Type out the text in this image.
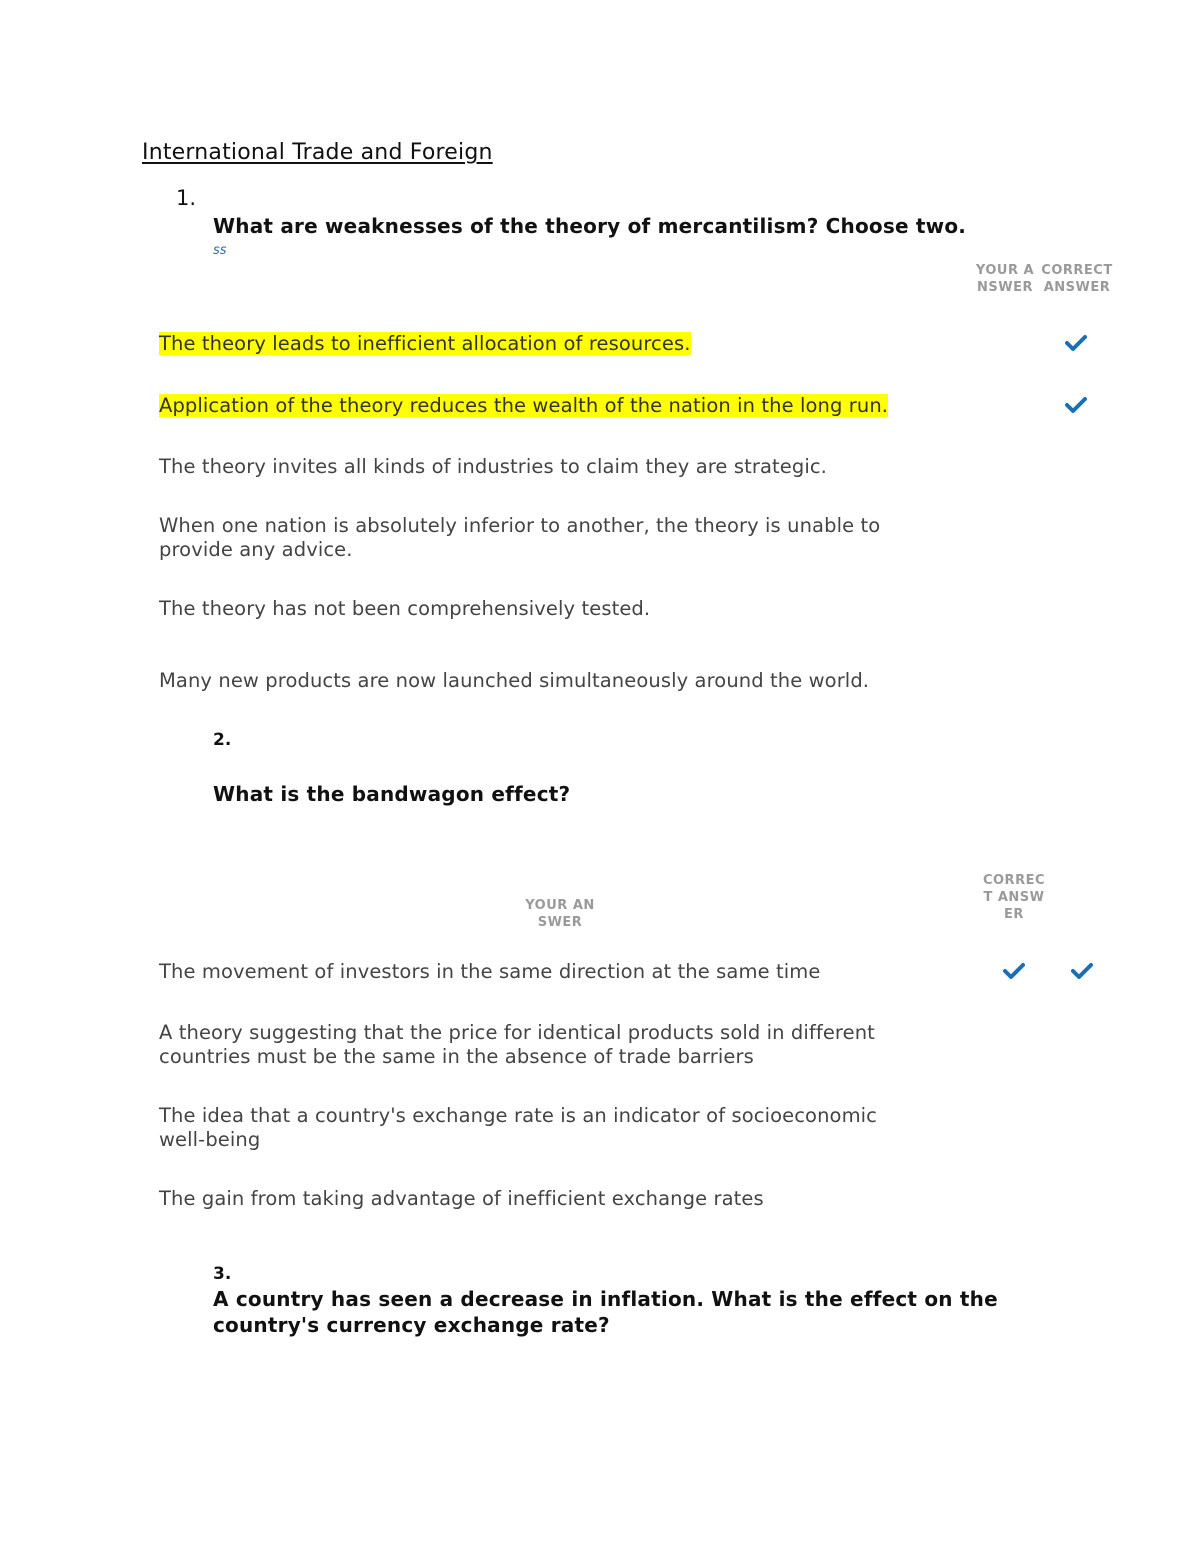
International Trade and Foreign
1.
What are weaknesses of the theory of mercantilism? Choose two.
ss
YOUR ANSWER
CORRECT ANSWER
The theory leads to inefficient allocation of resources.
Application of the theory reduces the wealth of the nation in the long run.
The theory invites all kinds of industries to claim they are strategic.
When one nation is absolutely inferior to another, the theory is unable to provide any advice.
The theory has not been comprehensively tested.
Many new products are now launched simultaneously around the world.
2.
What is the bandwagon effect?
YOUR ANSWER
CORRECT ANSWER
The movement of investors in the same direction at the same time
A theory suggesting that the price for identical products sold in different countries must be the same in the absence of trade barriers
The idea that a country's exchange rate is an indicator of socioeconomic well-being
The gain from taking advantage of inefficient exchange rates
3.
A country has seen a decrease in inflation. What is the effect on the country's currency exchange rate?
